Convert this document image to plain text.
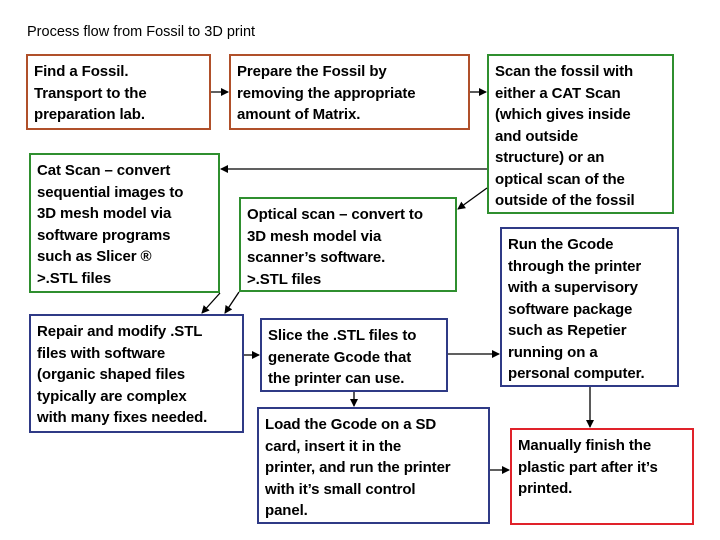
Process flow from Fossil to 3D print
Find a Fossil.
Transport to the
preparation lab.
Prepare the Fossil by
removing the appropriate
amount of Matrix.
Scan the fossil with
either a CAT Scan
(which gives inside
and outside
structure) or an
optical scan of the
outside of the fossil
Cat Scan – convert
sequential images to
3D mesh model via
software programs
such as Slicer ®
>.STL files
Optical scan – convert to
3D mesh model via
scanner’s software.
>.STL files
Run the Gcode
through the printer
with a supervisory
software package
such as Repetier
running on a
personal computer.
Repair and modify .STL
files with software
(organic shaped files
typically are complex
with many fixes needed.
Slice the .STL files to
generate Gcode that
the printer can use.
Load the Gcode on a SD
card, insert it in the
printer, and run the printer
with it’s small control
panel.
Manually finish the
plastic part after it’s
printed.
